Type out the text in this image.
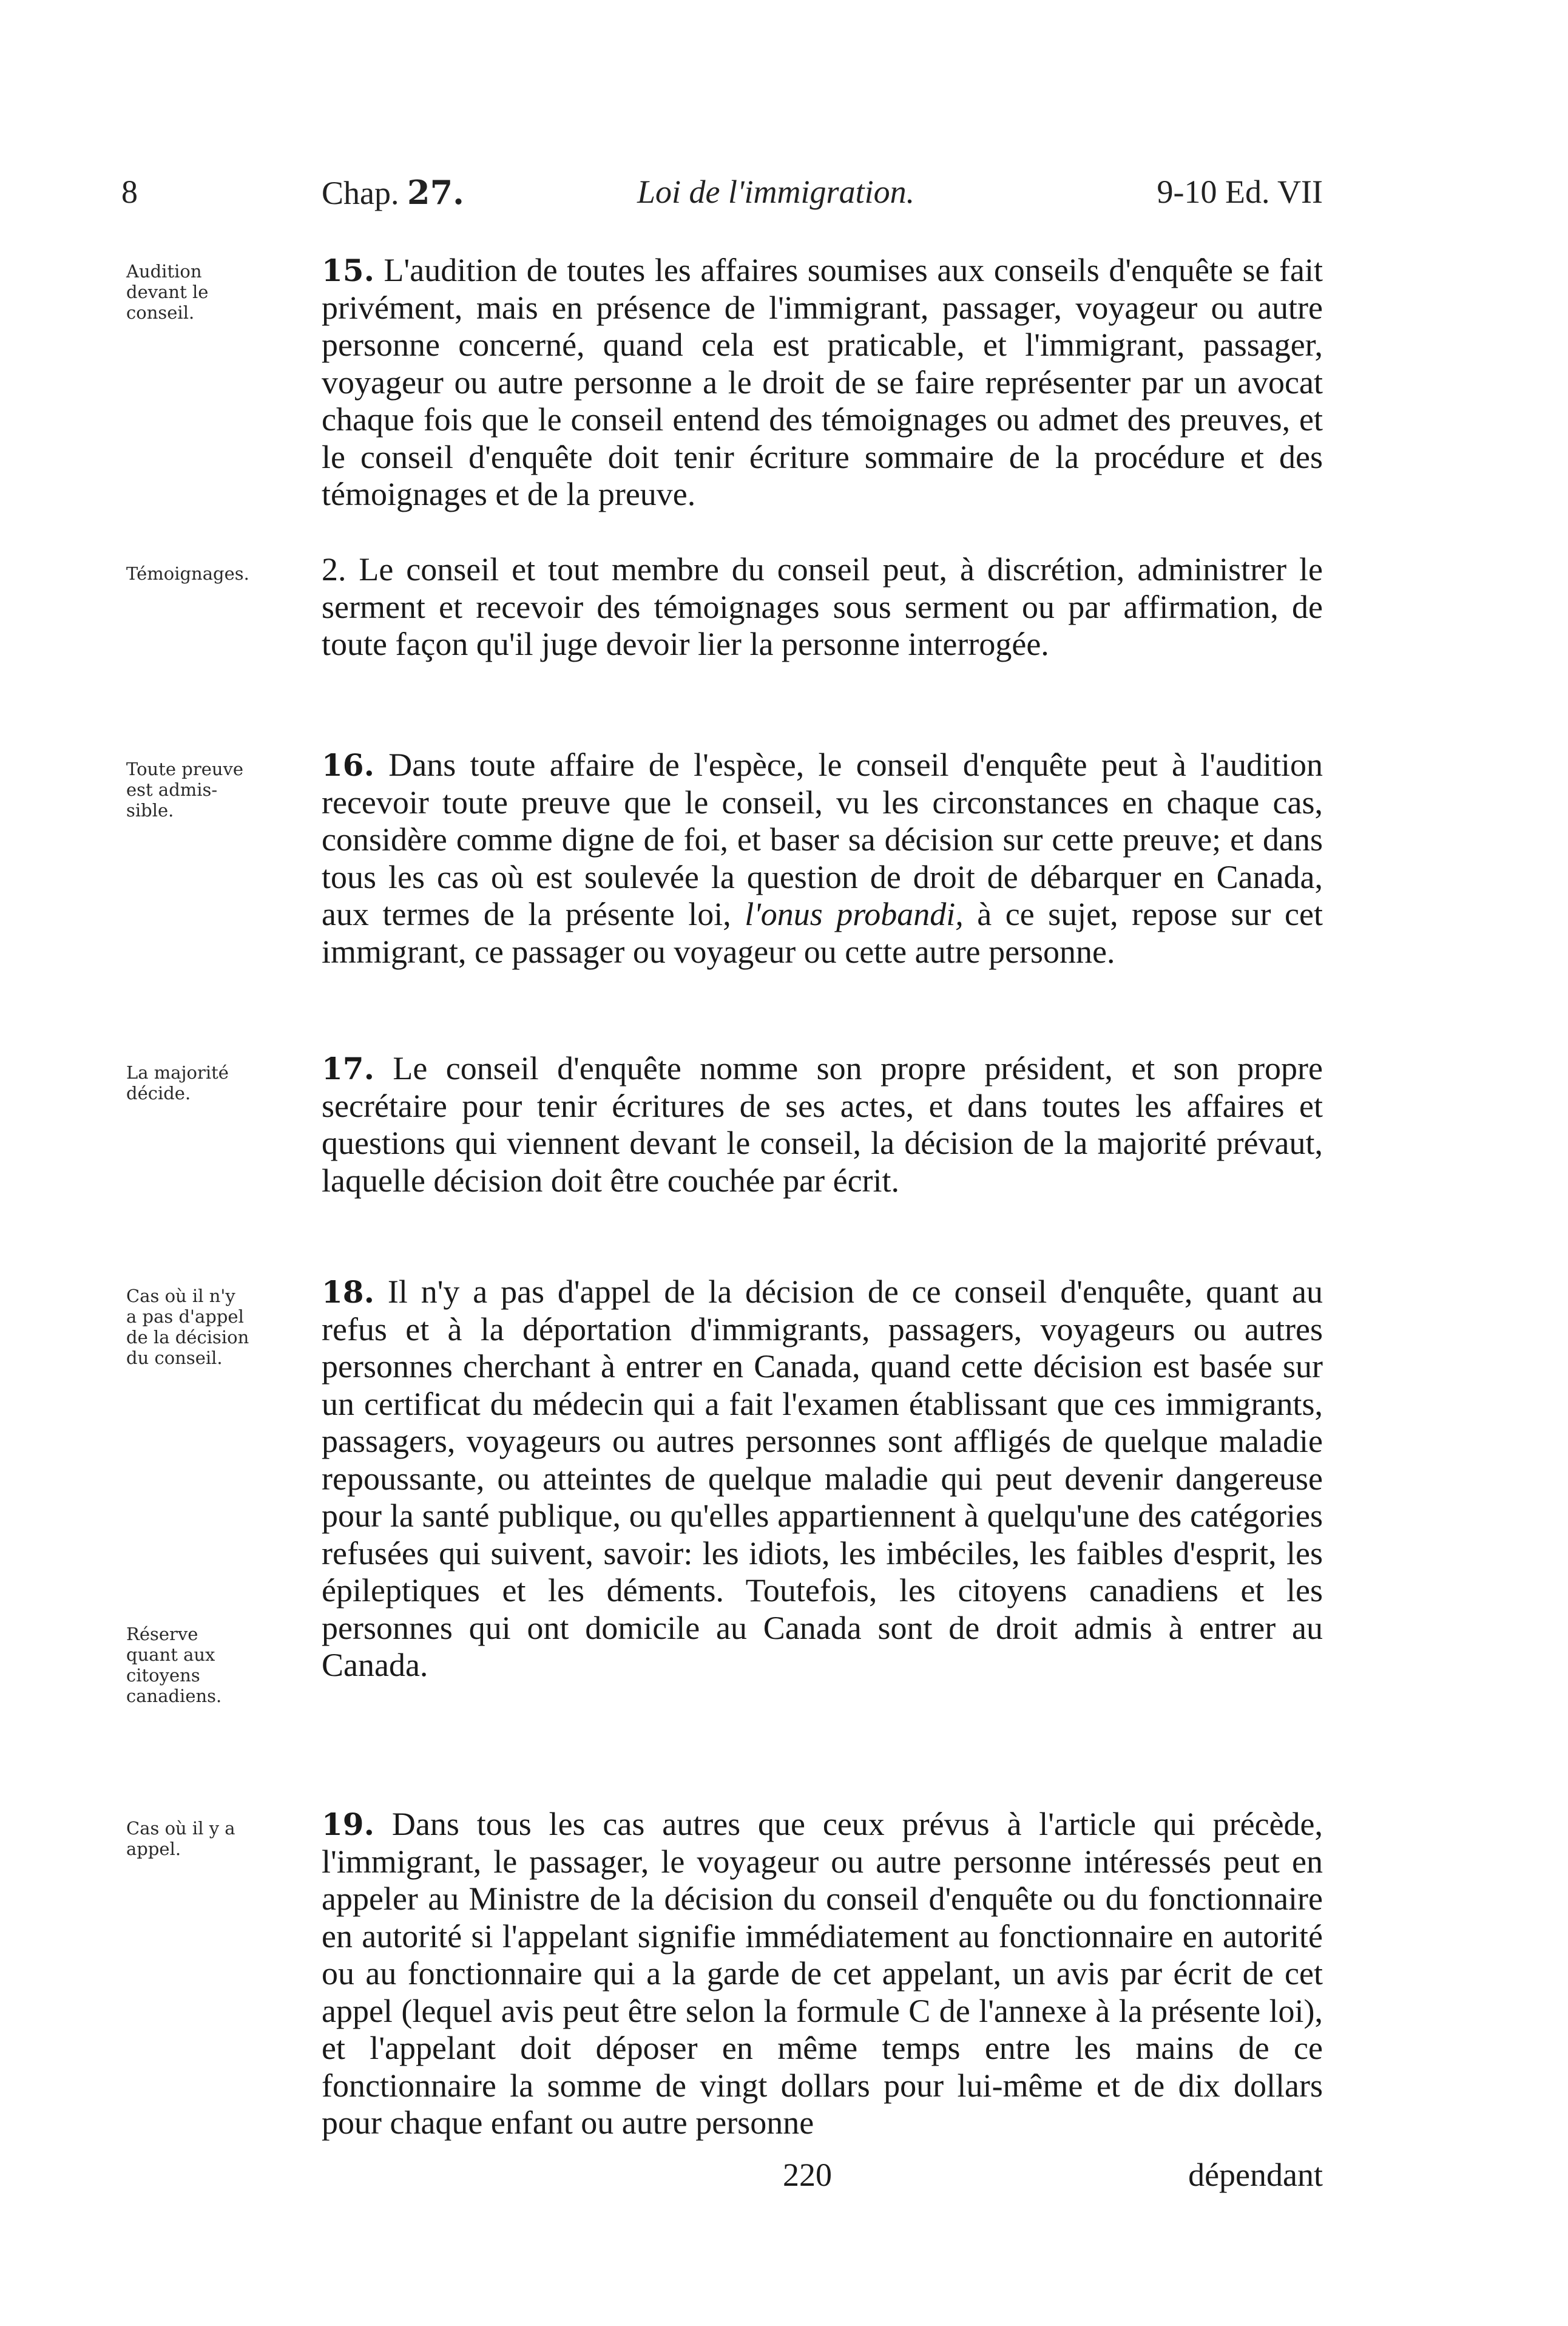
8	Chap. 27.	Loi de l'immigration.	9-10 Ed. VII
Audition
devant le
conseil.
15. L'audition de toutes les affaires soumises aux conseils d'enquête se fait privément, mais en présence de l'immigrant, passager, voyageur ou autre personne concerné, quand cela est praticable, et l'immigrant, passager, voyageur ou autre personne a le droit de se faire représenter par un avocat chaque fois que le conseil entend des témoignages ou admet des preuves, et le conseil d'enquête doit tenir écriture sommaire de la procédure et des témoignages et de la preuve.
Témoignages.	2. Le conseil et tout membre du conseil peut, à discrétion, administrer le serment et recevoir des témoignages sous serment ou par affirmation, de toute façon qu'il juge devoir lier la personne interrogée.
Toute preuve
est admis-
sible.
16. Dans toute affaire de l'espèce, le conseil d'enquête peut à l'audition recevoir toute preuve que le conseil, vu les circonstances en chaque cas, considère comme digne de foi, et baser sa décision sur cette preuve; et dans tous les cas où est soulevée la question de droit de débarquer en Canada, aux termes de la présente loi, l'onus probandi, à ce sujet, repose sur cet immigrant, ce passager ou voyageur ou cette autre personne.
La majorité
décide.
17. Le conseil d'enquête nomme son propre président, et son propre secrétaire pour tenir écritures de ses actes, et dans toutes les affaires et questions qui viennent devant le conseil, la décision de la majorité prévaut, laquelle décision doit être couchée par écrit.
Cas où il n'y
a pas d'appel
de la décision
du conseil.
Réserve
quant aux
citoyens
canadiens.
18. Il n'y a pas d'appel de la décision de ce conseil d'enquête, quant au refus et à la déportation d'immigrants, passagers, voyageurs ou autres personnes cherchant à entrer en Canada, quand cette décision est basée sur un certificat du médecin qui a fait l'examen établissant que ces immigrants, passagers, voyageurs ou autres personnes sont affligés de quelque maladie repoussante, ou atteintes de quelque maladie qui peut devenir dangereuse pour la santé publique, ou qu'elles appartiennent à quelqu'une des catégories refusées qui suivent, savoir: les idiots, les imbéciles, les faibles d'esprit, les épileptiques et les déments. Toutefois, les citoyens canadiens et les personnes qui ont domicile au Canada sont de droit admis à entrer au Canada.
Cas où il y a
appel.
19. Dans tous les cas autres que ceux prévus à l'article qui précède, l'immigrant, le passager, le voyageur ou autre personne intéressés peut en appeler au Ministre de la décision du conseil d'enquête ou du fonctionnaire en autorité si l'appelant signifie immédiatement au fonctionnaire en autorité ou au fonctionnaire qui a la garde de cet appelant, un avis par écrit de cet appel (lequel avis peut être selon la formule C de l'annexe à la présente loi), et l'appelant doit déposer en même temps entre les mains de ce fonctionnaire la somme de vingt dollars pour lui-même et de dix dollars pour chaque enfant ou autre personne
220	dépendant
